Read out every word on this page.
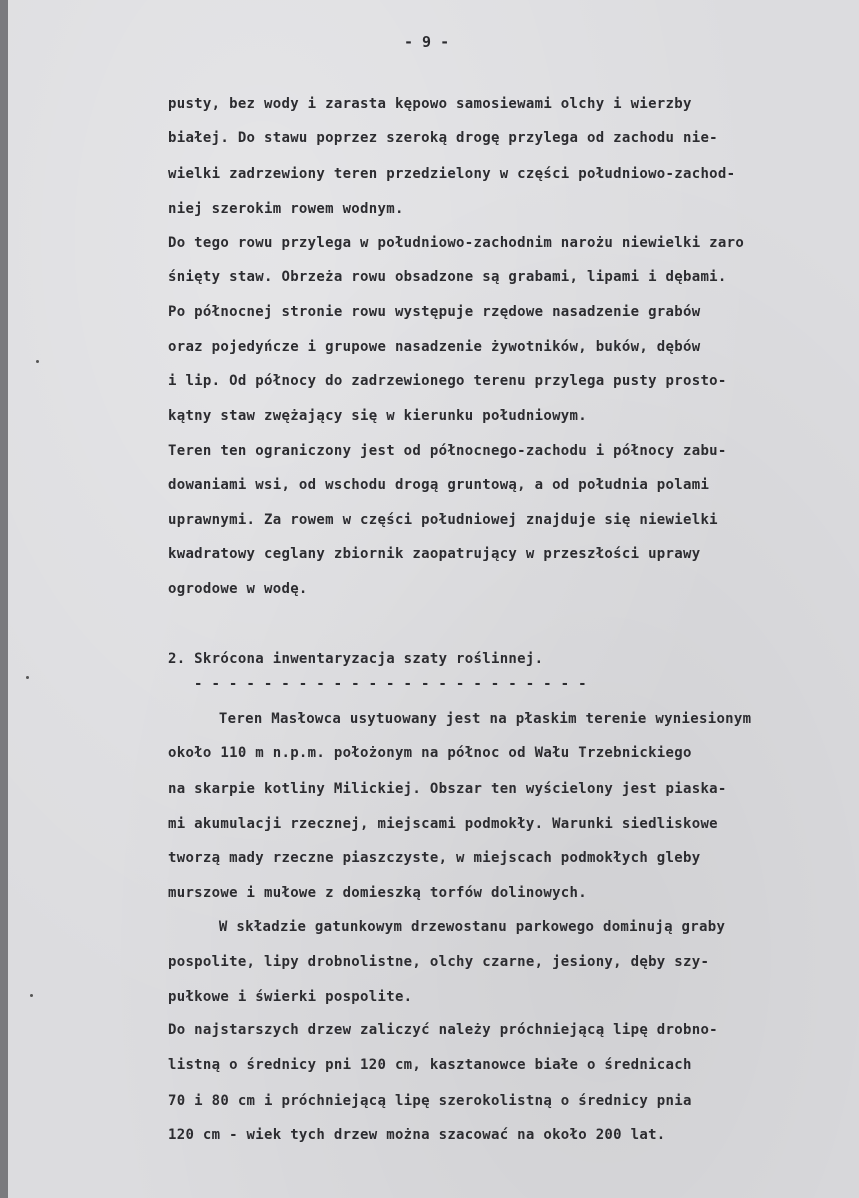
- 9 -
pusty, bez wody i zarasta kępowo samosiewami olchy i wierzby
białej. Do stawu poprzez szeroką drogę przylega od zachodu nie-
wielki zadrzewiony teren przedzielony w części południowo-zachod-
niej szerokim rowem wodnym.
Do tego rowu przylega w południowo-zachodnim narożu niewielki zaro
śnięty staw. Obrzeża rowu obsadzone są grabami, lipami i dębami.
Po północnej stronie rowu występuje rzędowe nasadzenie grabów
oraz pojedyńcze i grupowe nasadzenie żywotników, buków, dębów
i lip. Od północy do zadrzewionego terenu przylega pusty prosto-
kątny staw zwężający się w kierunku południowym.
Teren ten ograniczony jest od północnego-zachodu i północy zabu-
dowaniami wsi, od wschodu drogą gruntową, a od południa polami
uprawnymi. Za rowem w części południowej znajduje się niewielki
kwadratowy ceglany zbiornik zaopatrujący w przeszłości uprawy
ogrodowe w wodę.
2. Skrócona inwentaryzacja szaty roślinnej.
- - - - - - - - - - - - - - - - - - - - - - -
Teren Masłowca usytuowany jest na płaskim terenie wyniesionym
około 110 m n.p.m. położonym na północ od Wału Trzebnickiego
na skarpie kotliny Milickiej. Obszar ten wyścielony jest piaska-
mi akumulacji rzecznej, miejscami podmokły. Warunki siedliskowe
tworzą mady rzeczne piaszczyste, w miejscach podmokłych gleby
murszowe i mułowe z domieszką torfów dolinowych.
W składzie gatunkowym drzewostanu parkowego dominują graby
pospolite, lipy drobnolistne, olchy czarne, jesiony, dęby szy-
pułkowe i świerki pospolite.
Do najstarszych drzew zaliczyć należy próchniejącą lipę drobno-
listną o średnicy pni 120 cm, kasztanowce białe o średnicach
70 i 80 cm i próchniejącą lipę szerokolistną o średnicy pnia
120 cm - wiek tych drzew można szacować na około 200 lat.
